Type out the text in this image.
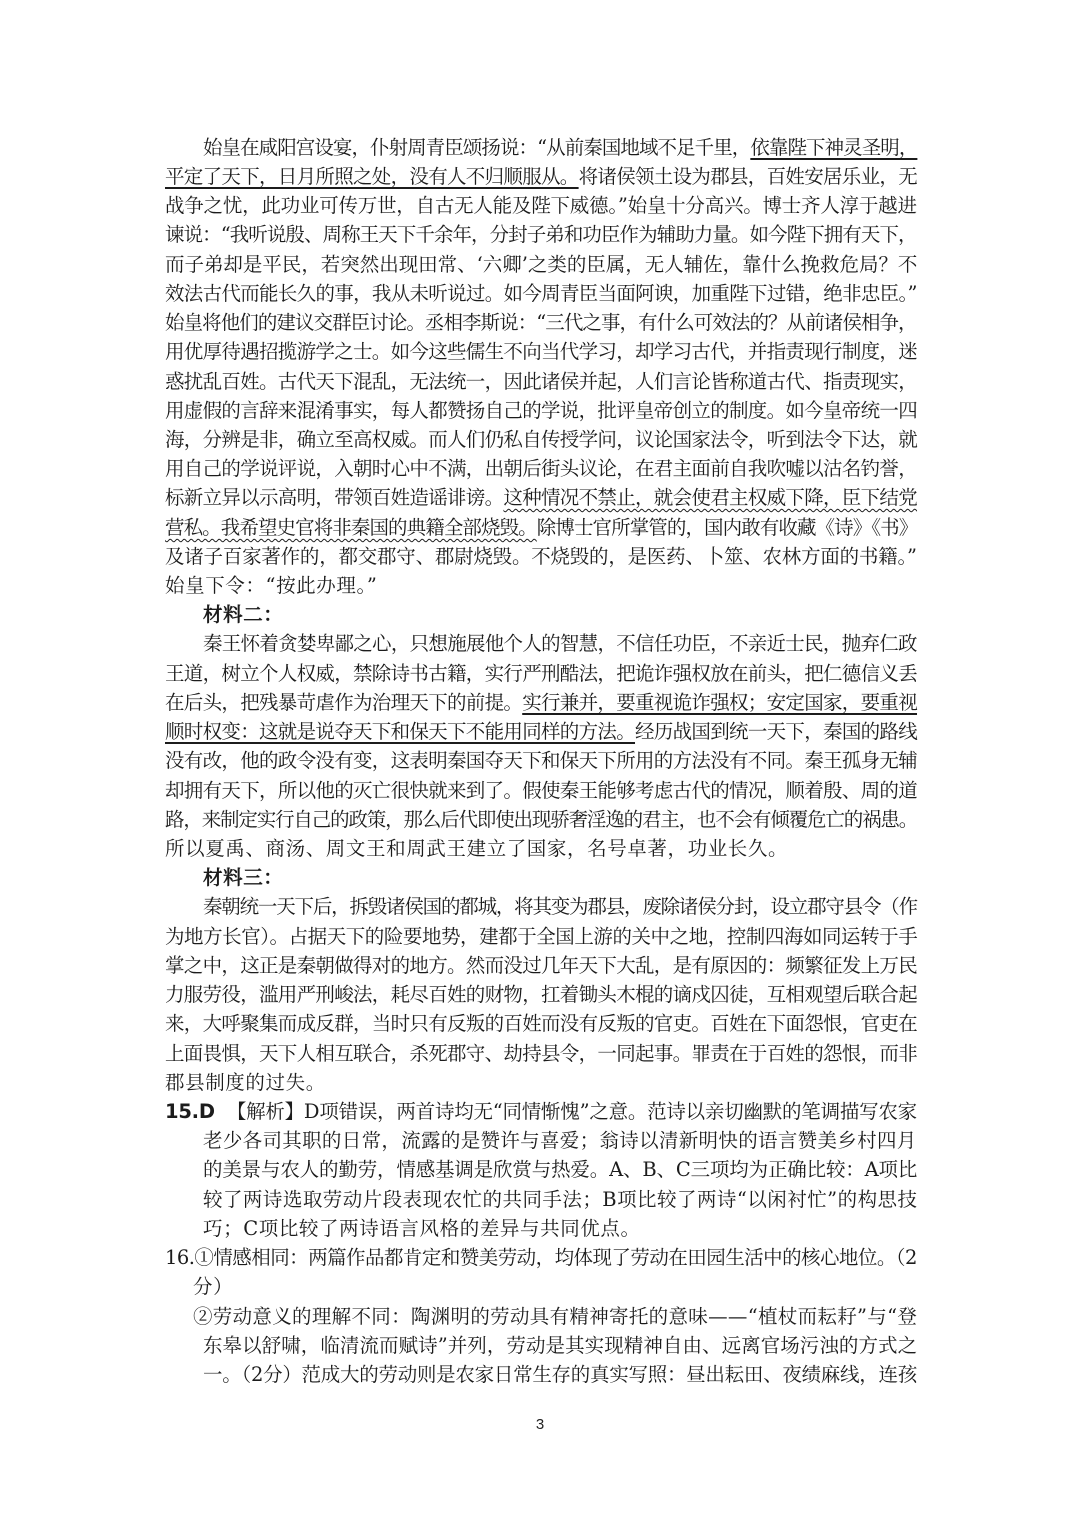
始皇在咸阳宫设宴，仆射周青臣颂扬说：“从前秦国地域不足千里，依靠陛下神灵圣明，
平定了天下，日月所照之处，没有人不归顺服从。将诸侯领土设为郡县，百姓安居乐业，无
战争之忧，此功业可传万世，自古无人能及陛下威德。”始皇十分高兴。博士齐人淳于越进
谏说：“我听说殷、周称王天下千余年，分封子弟和功臣作为辅助力量。如今陛下拥有天下，
而子弟却是平民，若突然出现田常、‘六卿’之类的臣属，无人辅佐，靠什么挽救危局？不
效法古代而能长久的事，我从未听说过。如今周青臣当面阿谀，加重陛下过错，绝非忠臣。”
始皇将他们的建议交群臣讨论。丞相李斯说：“三代之事，有什么可效法的？从前诸侯相争，
用优厚待遇招揽游学之士。如今这些儒生不向当代学习，却学习古代，并指责现行制度，迷
惑扰乱百姓。古代天下混乱，无法统一，因此诸侯并起，人们言论皆称道古代、指责现实，
用虚假的言辞来混淆事实，每人都赞扬自己的学说，批评皇帝创立的制度。如今皇帝统一四
海，分辨是非，确立至高权威。而人们仍私自传授学问，议论国家法令，听到法令下达，就
用自己的学说评说，入朝时心中不满，出朝后街头议论，在君主面前自我吹嘘以沽名钓誉，
标新立异以示高明，带领百姓造谣诽谤。这种情况不禁止，就会使君主权威下降，臣下结党
营私。我希望史官将非秦国的典籍全部烧毁。除博士官所掌管的，国内敢有收藏《诗》《书》
及诸子百家著作的，都交郡守、郡尉烧毁。不烧毁的，是医药、卜筮、农林方面的书籍。”
始皇下令：“按此办理。”
材料二：
秦王怀着贪婪卑鄙之心，只想施展他个人的智慧，不信任功臣，不亲近士民，抛弃仁政
王道，树立个人权威，禁除诗书古籍，实行严刑酷法，把诡诈强权放在前头，把仁德信义丢
在后头，把残暴苛虐作为治理天下的前提。实行兼并，要重视诡诈强权；安定国家，要重视
顺时权变：这就是说夺天下和保天下不能用同样的方法。经历战国到统一天下，秦国的路线
没有改，他的政令没有变，这表明秦国夺天下和保天下所用的方法没有不同。秦王孤身无辅
却拥有天下，所以他的灭亡很快就来到了。假使秦王能够考虑古代的情况，顺着殷、周的道
路，来制定实行自己的政策，那么后代即使出现骄奢淫逸的君主，也不会有倾覆危亡的祸患。
所以夏禹、商汤、周文王和周武王建立了国家，名号卓著，功业长久。
材料三：
秦朝统一天下后，拆毁诸侯国的都城，将其变为郡县，废除诸侯分封，设立郡守县令（作
为地方长官）。占据天下的险要地势，建都于全国上游的关中之地，控制四海如同运转于手
掌之中，这正是秦朝做得对的地方。然而没过几年天下大乱，是有原因的：频繁征发上万民
力服劳役，滥用严刑峻法，耗尽百姓的财物，扛着锄头木棍的谪戍囚徒，互相观望后联合起
来，大呼聚集而成反群，当时只有反叛的百姓而没有反叛的官吏。百姓在下面怨恨，官吏在
上面畏惧，天下人相互联合，杀死郡守、劫持县令，一同起事。罪责在于百姓的怨恨，而非
郡县制度的过失。
15.D 【解析】D项错误，两首诗均无“同情惭愧”之意。范诗以亲切幽默的笔调描写农家
老少各司其职的日常，流露的是赞许与喜爱；翁诗以清新明快的语言赞美乡村四月
的美景与农人的勤劳，情感基调是欣赏与热爱。A、B、C三项均为正确比较：A项比
较了两诗选取劳动片段表现农忙的共同手法；B项比较了两诗“以闲衬忙”的构思技
巧；C项比较了两诗语言风格的差异与共同优点。
16.①情感相同：两篇作品都肯定和赞美劳动，均体现了劳动在田园生活中的核心地位。（2
分）
②劳动意义的理解不同：陶渊明的劳动具有精神寄托的意味——“植杖而耘耔”与“登
东皋以舒啸，临清流而赋诗”并列，劳动是其实现精神自由、远离官场污浊的方式之
一。（2分）范成大的劳动则是农家日常生存的真实写照：昼出耘田、夜绩麻线，连孩
3
